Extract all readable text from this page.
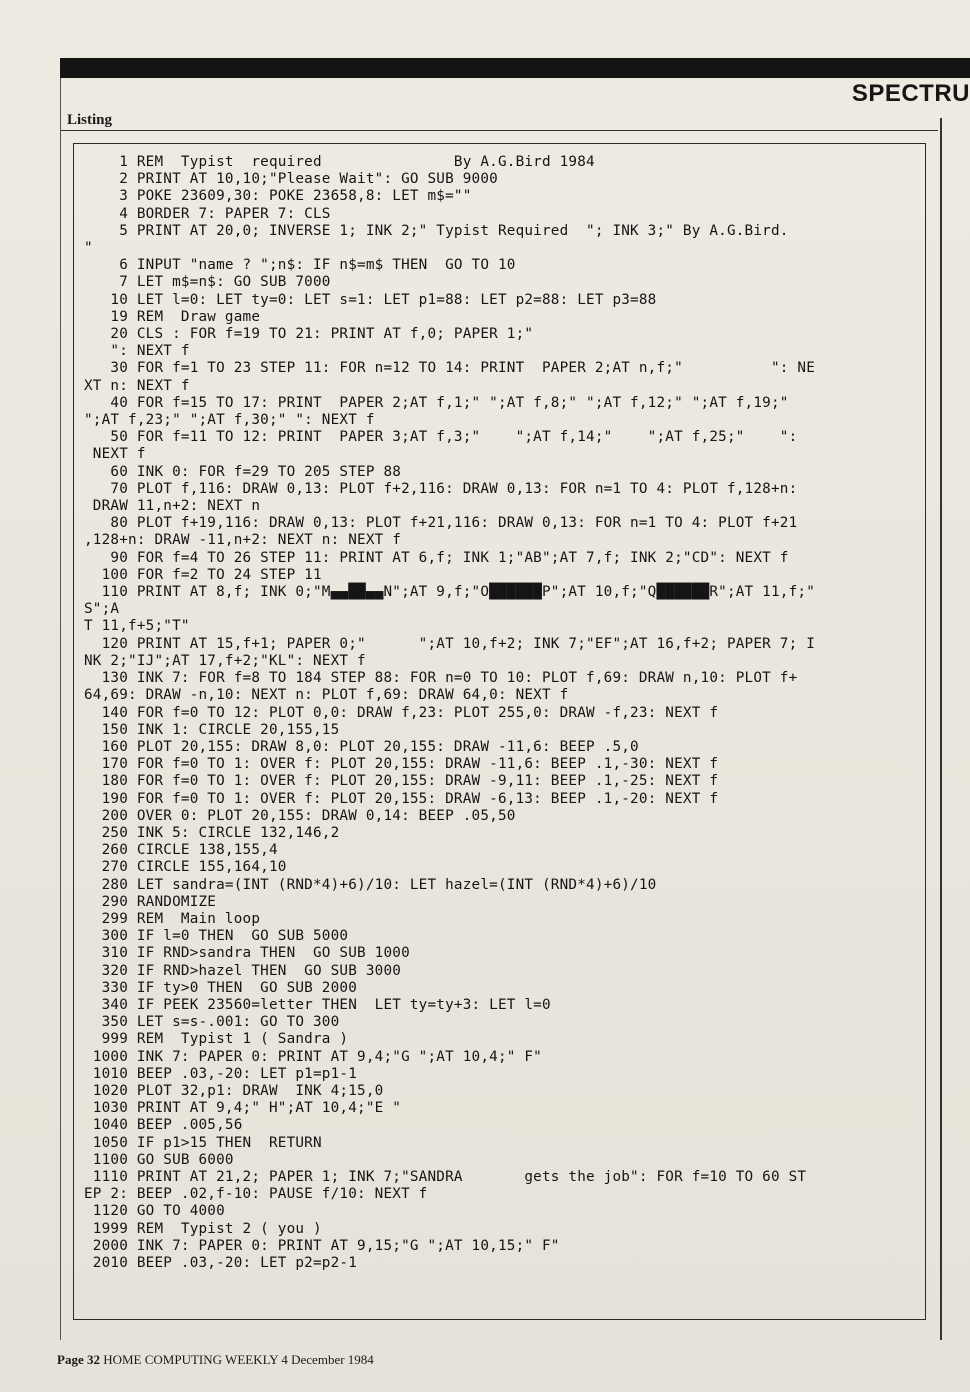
SPECTRU
Listing
1 REM  Typist  required               By A.G.Bird 1984
2 PRINT AT 10,10;"Please Wait": GO SUB 9000
3 POKE 23609,30: POKE 23658,8: LET m$=""
4 BORDER 7: PAPER 7: CLS
5 PRINT AT 20,0; INVERSE 1; INK 2;" Typist Required  "; INK 3;" By A.G.Bird.
"
6 INPUT "name ? ";n$: IF n$=m$ THEN  GO TO 10
7 LET m$=n$: GO SUB 7000
10 LET l=0: LET ty=0: LET s=1: LET p1=88: LET p2=88: LET p3=88
19 REM  Draw game
20 CLS : FOR f=19 TO 21: PRINT AT f,0; PAPER 1;"
": NEXT f
30 FOR f=1 TO 23 STEP 11: FOR n=12 TO 14: PRINT  PAPER 2;AT n,f;"          ": NE
XT n: NEXT f
40 FOR f=15 TO 17: PRINT  PAPER 2;AT f,1;" ";AT f,8;" ";AT f,12;" ";AT f,19;"
";AT f,23;" ";AT f,30;" ": NEXT f
50 FOR f=11 TO 12: PRINT  PAPER 3;AT f,3;"    ";AT f,14;"    ";AT f,25;"    ":
NEXT f
60 INK 0: FOR f=29 TO 205 STEP 88
70 PLOT f,116: DRAW 0,13: PLOT f+2,116: DRAW 0,13: FOR n=1 TO 4: PLOT f,128+n:
DRAW 11,n+2: NEXT n
80 PLOT f+19,116: DRAW 0,13: PLOT f+21,116: DRAW 0,13: FOR n=1 TO 4: PLOT f+21
,128+n: DRAW -11,n+2: NEXT n: NEXT f
90 FOR f=4 TO 26 STEP 11: PRINT AT 6,f; INK 1;"AB";AT 7,f; INK 2;"CD": NEXT f
100 FOR f=2 TO 24 STEP 11
110 PRINT AT 8,f; INK 0;"M▄▄██▄▄N";AT 9,f;"O██████P";AT 10,f;"Q██████R";AT 11,f;"
S";A
T 11,f+5;"T"
120 PRINT AT 15,f+1; PAPER 0;"      ";AT 10,f+2; INK 7;"EF";AT 16,f+2; PAPER 7; I
NK 2;"IJ";AT 17,f+2;"KL": NEXT f
130 INK 7: FOR f=8 TO 184 STEP 88: FOR n=0 TO 10: PLOT f,69: DRAW n,10: PLOT f+
64,69: DRAW -n,10: NEXT n: PLOT f,69: DRAW 64,0: NEXT f
140 FOR f=0 TO 12: PLOT 0,0: DRAW f,23: PLOT 255,0: DRAW -f,23: NEXT f
150 INK 1: CIRCLE 20,155,15
160 PLOT 20,155: DRAW 8,0: PLOT 20,155: DRAW -11,6: BEEP .5,0
170 FOR f=0 TO 1: OVER f: PLOT 20,155: DRAW -11,6: BEEP .1,-30: NEXT f
180 FOR f=0 TO 1: OVER f: PLOT 20,155: DRAW -9,11: BEEP .1,-25: NEXT f
190 FOR f=0 TO 1: OVER f: PLOT 20,155: DRAW -6,13: BEEP .1,-20: NEXT f
200 OVER 0: PLOT 20,155: DRAW 0,14: BEEP .05,50
250 INK 5: CIRCLE 132,146,2
260 CIRCLE 138,155,4
270 CIRCLE 155,164,10
280 LET sandra=(INT (RND*4)+6)/10: LET hazel=(INT (RND*4)+6)/10
290 RANDOMIZE
299 REM  Main loop
300 IF l=0 THEN  GO SUB 5000
310 IF RND>sandra THEN  GO SUB 1000
320 IF RND>hazel THEN  GO SUB 3000
330 IF ty>0 THEN  GO SUB 2000
340 IF PEEK 23560=letter THEN  LET ty=ty+3: LET l=0
350 LET s=s-.001: GO TO 300
999 REM  Typist 1 ( Sandra )
1000 INK 7: PAPER 0: PRINT AT 9,4;"G ";AT 10,4;" F"
1010 BEEP .03,-20: LET p1=p1-1
1020 PLOT 32,p1: DRAW  INK 4;15,0
1030 PRINT AT 9,4;" H";AT 10,4;"E "
1040 BEEP .005,56
1050 IF p1>15 THEN  RETURN
1100 GO SUB 6000
1110 PRINT AT 21,2; PAPER 1; INK 7;"SANDRA       gets the job": FOR f=10 TO 60 ST
EP 2: BEEP .02,f-10: PAUSE f/10: NEXT f
1120 GO TO 4000
1999 REM  Typist 2 ( you )
2000 INK 7: PAPER 0: PRINT AT 9,15;"G ";AT 10,15;" F"
2010 BEEP .03,-20: LET p2=p2-1
Page 32 HOME COMPUTING WEEKLY 4 December 1984
